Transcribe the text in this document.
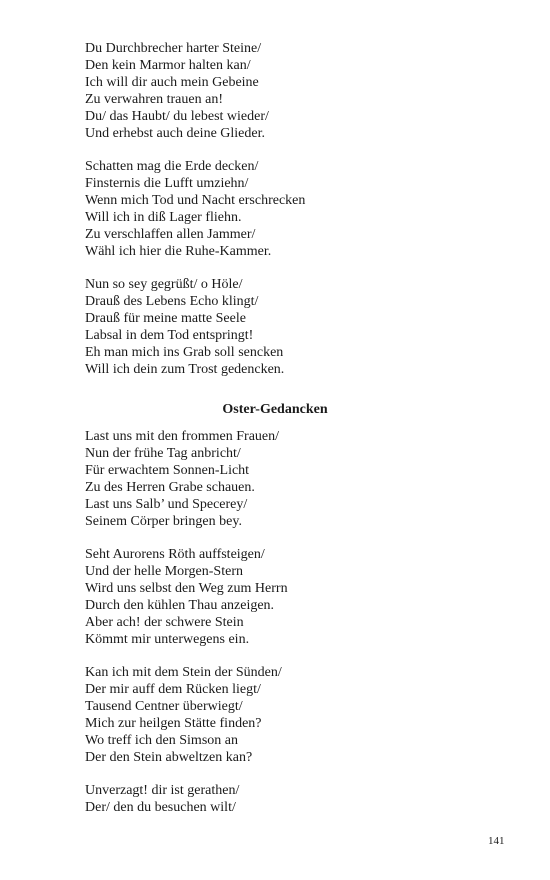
Du Durchbrecher harter Steine/
Den kein Marmor halten kan/
Ich will dir auch mein Gebeine
Zu verwahren trauen an!
Du/ das Haubt/ du lebest wieder/
Und erhebst auch deine Glieder.
Schatten mag die Erde decken/
Finsternis die Lufft umziehn/
Wenn mich Tod und Nacht erschrecken
Will ich in diß Lager fliehn.
Zu verschlaffen allen Jammer/
Wähl ich hier die Ruhe-Kammer.
Nun so sey gegrüßt/ o Höle/
Drauß des Lebens Echo klingt/
Drauß für meine matte Seele
Labsal in dem Tod entspringt!
Eh man mich ins Grab soll sencken
Will ich dein zum Trost gedencken.
Oster-Gedancken
Last uns mit den frommen Frauen/
Nun der frühe Tag anbricht/
Für erwachtem Sonnen-Licht
Zu des Herren Grabe schauen.
Last uns Salb’ und Specerey/
Seinem Cörper bringen bey.
Seht Aurorens Röth auffsteigen/
Und der helle Morgen-Stern
Wird uns selbst den Weg zum Herrn
Durch den kühlen Thau anzeigen.
Aber ach! der schwere Stein
Kömmt mir unterwegens ein.
Kan ich mit dem Stein der Sünden/
Der mir auff dem Rücken liegt/
Tausend Centner überwiegt/
Mich zur heilgen Stätte finden?
Wo treff ich den Simson an
Der den Stein abweltzen kan?
Unverzagt! dir ist gerathen/
Der/ den du besuchen wilt/
141
